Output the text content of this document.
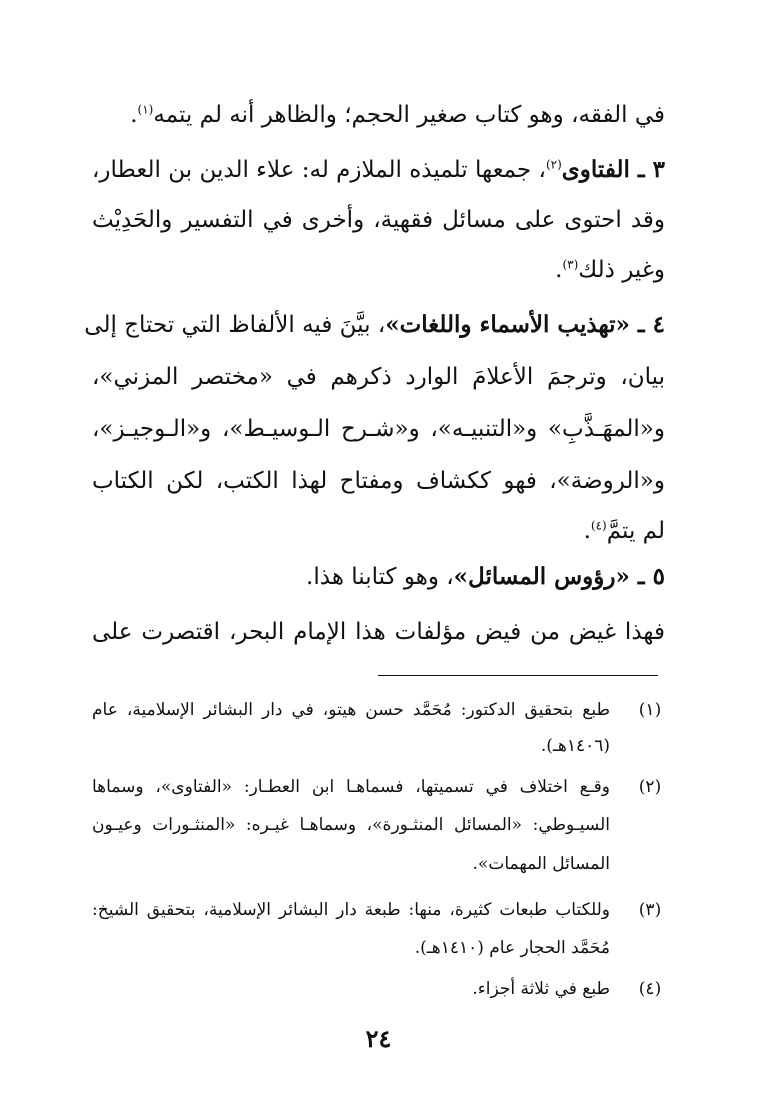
في الفقه، وهو كتاب صغير الحجم؛ والظاهر أنه لم يتمه$^{(١)}$.
٣ ـ الفتاوى$^{(٢)}$، جمعها تلميذه الملازم له: علاء الدين بن العطار،
وقد احتوى على مسائل فقهية، وأخرى في التفسير والحَدِيْث
وغير ذلك$^{(٣)}$.
٤ ـ «تهذيب الأسماء واللغات»، بيَّنَ فيه الألفاظ التي تحتاج إلى
بيان، وترجمَ الأعلامَ الوارد ذكرهم في «مختصر المزني»،
و«المهَـذَّبِ» و«التنبيـه»، و«شـرح الـوسيـط»، و«الـوجيـز»،
و«الروضة»، فهو ككشاف ومفتاح لهذا الكتب، لكن الكتاب
لم يتمَّ$^{(٤)}$.
٥ ـ «رؤوس المسائل»، وهو كتابنا هذا.
فهذا غيض من فيض مؤلفات هذا الإمام البحر، اقتصرت على
(١)
طبع بتحقيق الدكتور: مُحَمَّد حسن هيتو، في دار البشائر الإسلامية، عام
(١٤٠٦هـ).
(٢)
وقـع اختلاف في تسميتها، فسماهـا ابن العطـار: «الفتاوى»، وسماها
السيـوطي: «المسائل المنثـورة»، وسماهـا غيـره: «المنثـورات وعيـون
المسائل المهمات».
(٣)
وللكتاب طبعات كثيرة، منها: طبعة دار البشائر الإسلامية، بتحقيق الشيخ:
مُحَمَّد الحجار عام (١٤١٠هـ).
(٤)
طبع في ثلاثة أجزاء.
٢٤
